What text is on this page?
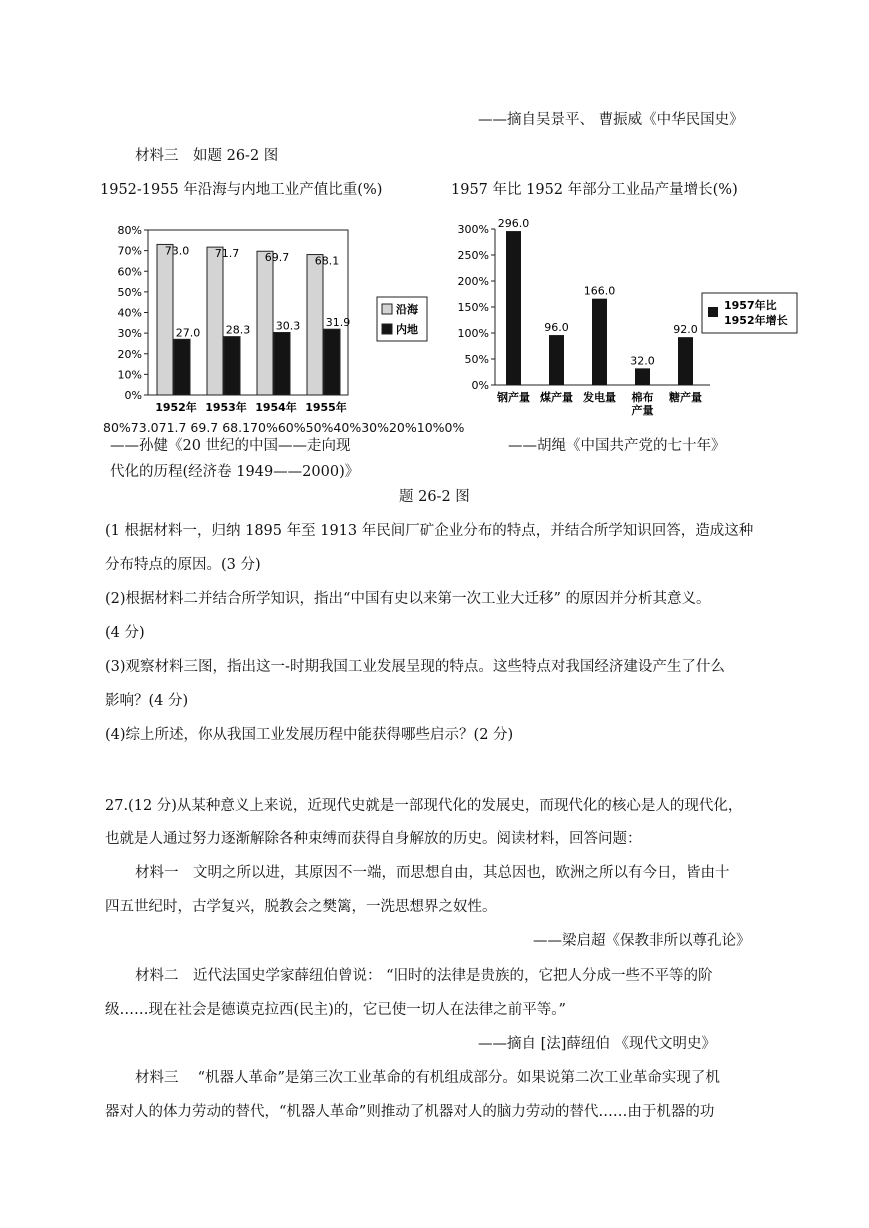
——摘自吴景平、 曹振威《中华民国史》
材料三　如题 26-2 图
1952-1955 年沿海与内地工业产值比重(%)	1957 年比 1952 年部分工业品产量增长(%)
0%
10%
20%
30%
40%
50%
60%
70%
80%
73.0
27.0
1952年
71.7
28.3
1953年
69.7
30.3
1954年
68.1
31.9
1955年
沿海
内地
0%
50%
100%
150%
200%
250%
300% 296.0
钢产量
96.0
煤产量
166.0
发电量
32.0
棉布
产量
92.0
糖产量
1957年比
1952年增长
80%73.071.7 69.7 68.170%60%50%40%30%20%10%0%
——孙健《20 世纪的中国——走向现
代化的历程(经济卷 1949——2000)》
——胡绳《中国共产党的七十年》
题 26-2 图
(1 根据材料一，归纳 1895 年至 1913 年民间厂矿企业分布的特点，并结合所学知识回答，造成这种
分布特点的原因。(3 分)
(2)根据材料二并结合所学知识，指出“中国有史以来第一次工业大迁移” 的原因并分析其意义。
(4 分)
(3)观察材料三图，指出这一-时期我国工业发展呈现的特点。这些特点对我国经济建设产生了什么
影响？(4 分)
(4)综上所述，你从我国工业发展历程中能获得哪些启示？(2 分)
27.(12 分)从某种意义上来说，近现代史就是一部现代化的发展史，而现代化的核心是人的现代化，
也就是人通过努力逐渐解除各种束缚而获得自身解放的历史。阅读材料，回答问题：
材料一　文明之所以进，其原因不一端，而思想自由，其总因也，欧洲之所以有今日，皆由十
四五世纪时，古学复兴，脱教会之樊篱，一洗思想界之奴性。
——梁启超《保教非所以尊孔论》
材料二　近代法国史学家薛纽伯曾说： “旧时的法律是贵族的，它把人分成一些不平等的阶
级……现在社会是德谟克拉西(民主)的，它已使一切人在法律之前平等。”
——摘自 [法]薛纽伯 《现代文明史》
材料三　 “机器人革命”是第三次工业革命的有机组成部分。如果说第二次工业革命实现了机
器对人的体力劳动的替代，“机器人革命”则推动了机器对人的脑力劳动的替代……由于机器的功
